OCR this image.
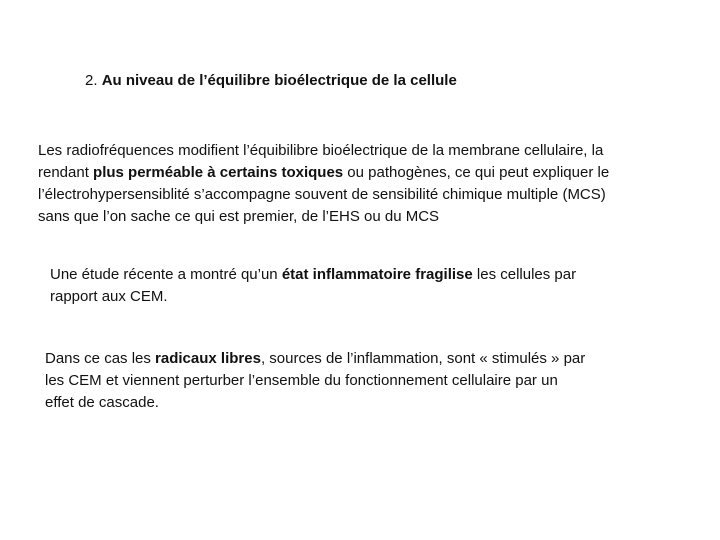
2. Au niveau de l’équilibre bioélectrique de la cellule
Les radiofréquences modifient l’équibilibre bioélectrique de la membrane cellulaire, la
rendant plus perméable à certains toxiques ou pathogènes, ce qui peut expliquer le
l’électrohypersensiblité s’accompagne souvent de sensibilité chimique multiple (MCS)
sans que l’on sache ce qui est premier, de l’EHS ou du MCS
Une étude récente a montré qu’un état inflammatoire fragilise les cellules par
rapport aux CEM.
Dans ce cas les radicaux libres, sources de l’inflammation, sont « stimulés » par
les CEM et viennent perturber l’ensemble du fonctionnement cellulaire par un
effet de cascade.
